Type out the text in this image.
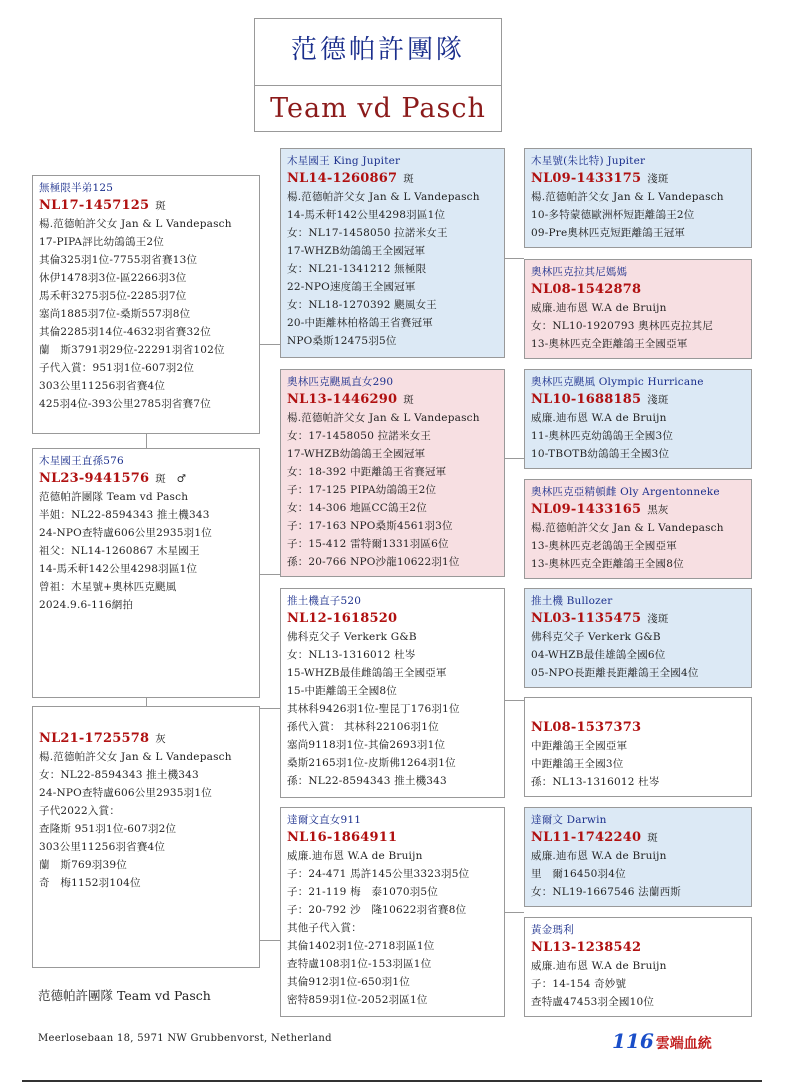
范德帕許團隊
Team vd Pasch
無極限半弟125
NL17-1457125 斑
楊.范德帕許父女 Jan & L Vandepasch
17-PIPA評比幼鴿鴿王2位
其倫325羽1位-7755羽省賽13位
休伊1478羽3位-區2266羽3位
馬禾軒3275羽5位-2285羽7位
塞尚1885羽7位-桑斯557羽8位
其倫2285羽14位-4632羽省賽32位
蘭　斯3791羽29位-22291羽省102位
子代入賞：951羽1位-607羽2位
303公里11256羽省賽4位
425羽4位-393公里2785羽省賽7位
木星國王直孫576
NL23-9441576 斑　♂
范德帕許團隊 Team vd Pasch
半姐：NL22-8594343 推土機343
24-NPO查特盧606公里2935羽1位
祖父：NL14-1260867 木星國王
14-馬禾軒142公里4298羽區1位
曾祖：木星號+奧林匹克颶風
2024.9.6-116網拍
NL21-1725578 灰
楊.范德帕許父女 Jan & L Vandepasch
女：NL22-8594343 推土機343
24-NPO查特盧606公里2935羽1位
子代2022入賞：
查隆斯 951羽1位-607羽2位
303公里11256羽省賽4位
蘭　斯769羽39位
奇　梅1152羽104位
木星國王 King Jupiter
NL14-1260867 斑
楊.范德帕許父女 Jan & L Vandepasch
14-馬禾軒142公里4298羽區1位
女：NL17-1458050 拉諾米女王
17-WHZB幼鴿鴿王全國冠軍
女：NL21-1341212 無極限
22-NPO速度鴿王全國冠軍
女：NL18-1270392 颶風女王
20-中距離林柏格鴿王省賽冠軍
NPO桑斯12475羽5位
奧林匹克颶風直女290
NL13-1446290 斑
楊.范德帕許父女 Jan & L Vandepasch
女：17-1458050 拉諾米女王
17-WHZB幼鴿鴿王全國冠軍
女：18-392 中距離鴿王省賽冠軍
子：17-125 PIPA幼鴿鴿王2位
女：14-306 地區CC鴿王2位
子：17-163 NPO桑斯4561羽3位
子：15-412 雷特爾1331羽區6位
孫：20-766 NPO沙龍10622羽1位
推土機直子520
NL12-1618520
佛科克父子 Verkerk G&B
女：NL13-1316012 杜岑
15-WHZB最佳雌鴿鴿王全國亞軍
15-中距離鴿王全國8位
其林科9426羽1位-聖昆丁176羽1位
孫代入賞： 其林科22106羽1位
塞尚9118羽1位-其倫2693羽1位
桑斯2165羽1位-皮斯佛1264羽1位
孫：NL22-8594343 推土機343
達爾文直女911
NL16-1864911
威廉.迪布恩 W.A de Bruijn
子：24-471 馬許145公里3323羽5位
子：21-119 梅　泰1070羽5位
子：20-792 沙　隆10622羽省賽8位
其他子代入賞：
其倫1402羽1位-2718羽區1位
查特盧108羽1位-153羽區1位
其倫912羽1位-650羽1位
密特859羽1位-2052羽區1位
木星號(朱比特) Jupiter
NL09-1433175 淺斑
楊.范德帕許父女 Jan & L Vandepasch
10-多特蒙德歐洲杯短距離鴿王2位
09-Pre奧林匹克短距離鴿王冠軍
奧林匹克拉其尼媽媽
NL08-1542878
威廉.迪布恩 W.A de Bruijn
女：NL10-1920793 奧林匹克拉其尼
13-奧林匹克全距離鴿王全國亞軍
奧林匹克颶風 Olympic Hurricane
NL10-1688185 淺斑
威廉.迪布恩 W.A de Bruijn
11-奧林匹克幼鴿鴿王全國3位
10-TBOTB幼鴿鴿王全國3位
奧林匹克亞精頓雌 Oly Argentonneke
NL09-1433165 黑灰
楊.范德帕許父女 Jan & L Vandepasch
13-奧林匹克老鴿鴿王全國亞軍
13-奧林匹克全距離鴿王全國8位
推土機 Bullozer
NL03-1135475 淺斑
佛科克父子 Verkerk G&B
04-WHZB最佳雄鴿全國6位
05-NPO長距離長距離鴿王全國4位
NL08-1537373
中距離鴿王全國亞軍
中距離鴿王全國3位
孫：NL13-1316012 杜岑
達爾文 Darwin
NL11-1742240 斑
威廉.迪布恩 W.A de Bruijn
里　爾16450羽4位
女：NL19-1667546 法蘭西斯
黃金瑪利
NL13-1238542
威廉.迪布恩 W.A de Bruijn
子：14-154 奇妙號
查特盧47453羽全國10位
范德帕許團隊 Team vd Pasch
Meerlosebaan 18, 5971 NW Grubbenvorst, Netherland	116 雲端血統
